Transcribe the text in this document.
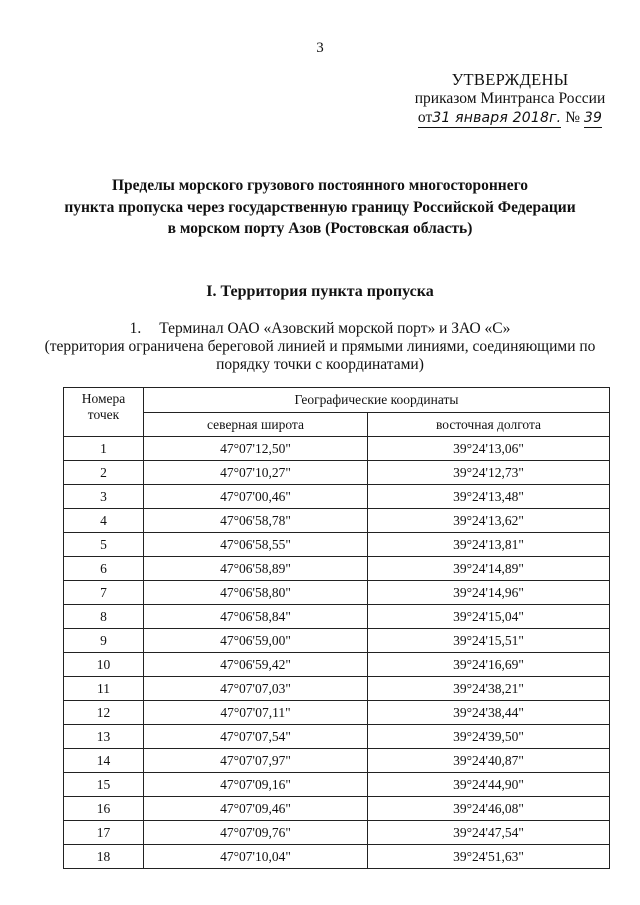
3
УТВЕРЖДЕНЫ
приказом Минтранса России
от31 января 2018г. № 39
Пределы морского грузового постоянного многостороннего
пункта пропуска через государственную границу Российской Федерации
в морском порту Азов (Ростовская область)
I. Территория пункта пропуска
1. Терминал ОАО «Азовский морской порт» и ЗАО «С»
(территория ограничена береговой линией и прямыми линиями, соединяющими по
порядку точки с координатами)
Номера
точек	Географические координаты	
	северная широта	восточная долгота
1	47°07'12,50"	39°24'13,06"
2	47°07'10,27"	39°24'12,73"
3	47°07'00,46"	39°24'13,48"
4	47°06'58,78"	39°24'13,62"
5	47°06'58,55"	39°24'13,81"
6	47°06'58,89"	39°24'14,89"
7	47°06'58,80"	39°24'14,96"
8	47°06'58,84"	39°24'15,04"
9	47°06'59,00"	39°24'15,51"
10	47°06'59,42"	39°24'16,69"
11	47°07'07,03"	39°24'38,21"
12	47°07'07,11"	39°24'38,44"
13	47°07'07,54"	39°24'39,50"
14	47°07'07,97"	39°24'40,87"
15	47°07'09,16"	39°24'44,90"
16	47°07'09,46"	39°24'46,08"
17	47°07'09,76"	39°24'47,54"
18	47°07'10,04"	39°24'51,63"
